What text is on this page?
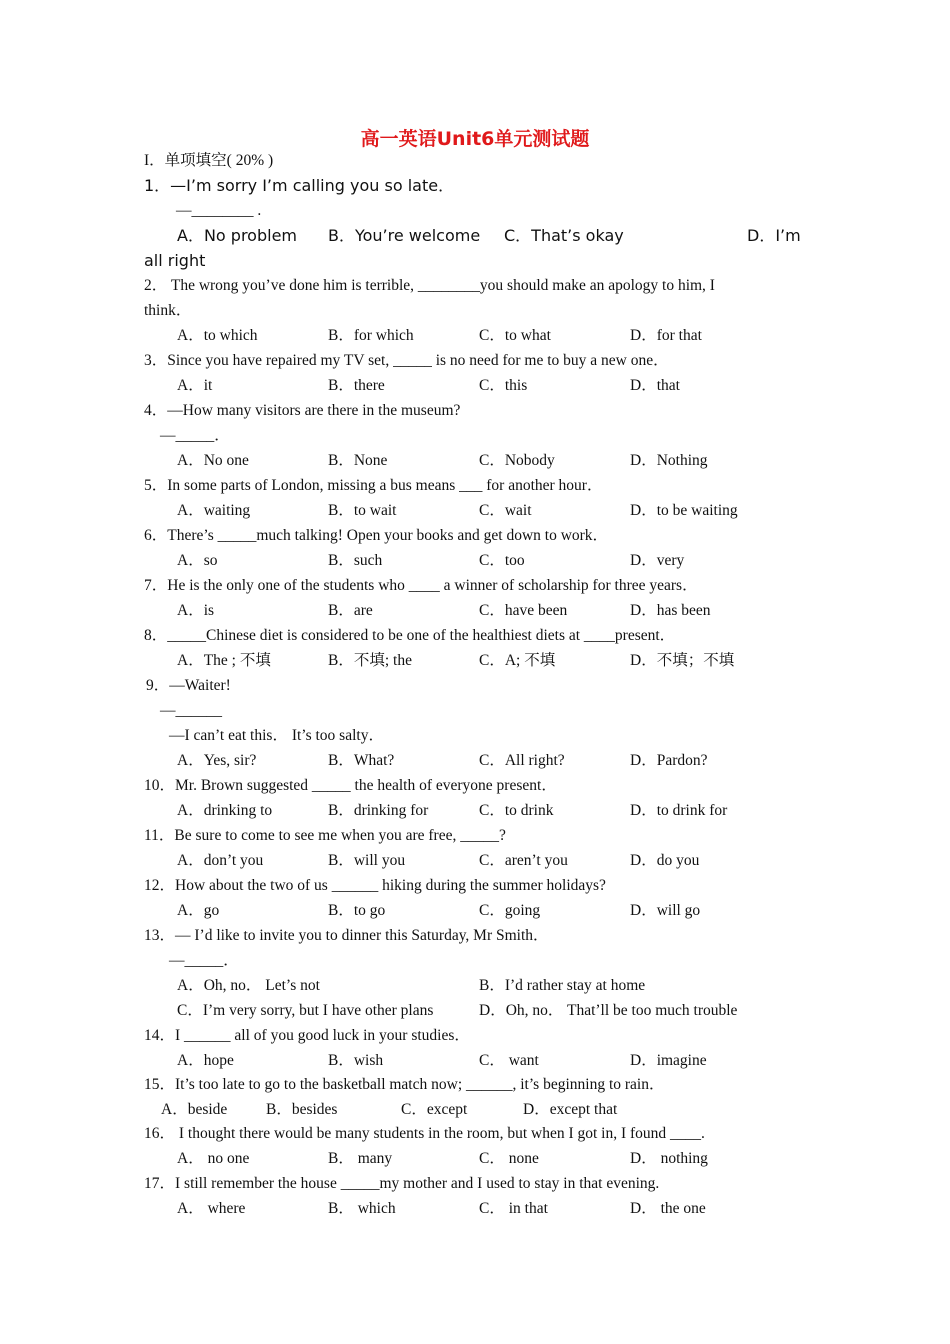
高一英语Unit6单元测试题
I．单项填空( 20% )
1．—I’m sorry I’m calling you so late．
—________ .
A．No problem B．You’re welcome C．That’s okay	D．I’m
all right
2． The wrong you’ve done him is terrible, ________you should make an apology to him, I
think．
A．to which	B．for which	C．to what	D．for that
3．Since you have repaired my TV set, _____ is no need for me to buy a new one．
A．it	B．there	C．this	D．that
4．—How many visitors are there in the museum?
—_____．
A．No one	B．None	C．Nobody	D．Nothing
5．In some parts of London, missing a bus means ___ for another hour．
A．waiting	B．to wait	C．wait	D．to be waiting
6．There’s _____much talking! Open your books and get down to work．
A．so	B．such	C．too	D．very
7．He is the only one of the students who ____ a winner of scholarship for three years．
A．is	B．are	C．have been	D．has been
8．_____Chinese diet is considered to be one of the healthiest diets at ____present．
A．The ; 不填	B．不填; the	C．A; 不填	D．不填；不填
9．—Waiter!
—______
—I can’t eat this． It’s too salty．
A．Yes, sir?	B．What?	C．All right?	D．Pardon?
10．Mr. Brown suggested _____ the health of everyone present．
A．drinking to	B．drinking for	C．to drink	D．to drink for
11．Be sure to come to see me when you are free, _____?
A．don’t you	B．will you	C．aren’t you	D．do you
12．How about the two of us ______ hiking during the summer holidays?
A．go	B．to go	C．going	D．will go
13．— I’d like to invite you to dinner this Saturday, Mr Smith．
—_____．
A．Oh, no． Let’s not	B．I’d rather stay at home
C．I’m very sorry, but I have other plans	D．Oh, no． That’ll be too much trouble
14．I ______ all of you good luck in your studies．
A．hope	B．wish	C． want	D．imagine
15．It’s too late to go to the basketball match now; ______, it’s beginning to rain．
A．beside B．besides	C．except	D．except that
16． I thought there would be many students in the room, but when I got in, I found ____.
A． no one	B． many	C． none	D． nothing
17．I still remember the house _____my mother and I used to stay in that evening.
A． where	B． which	C． in that	D． the one
